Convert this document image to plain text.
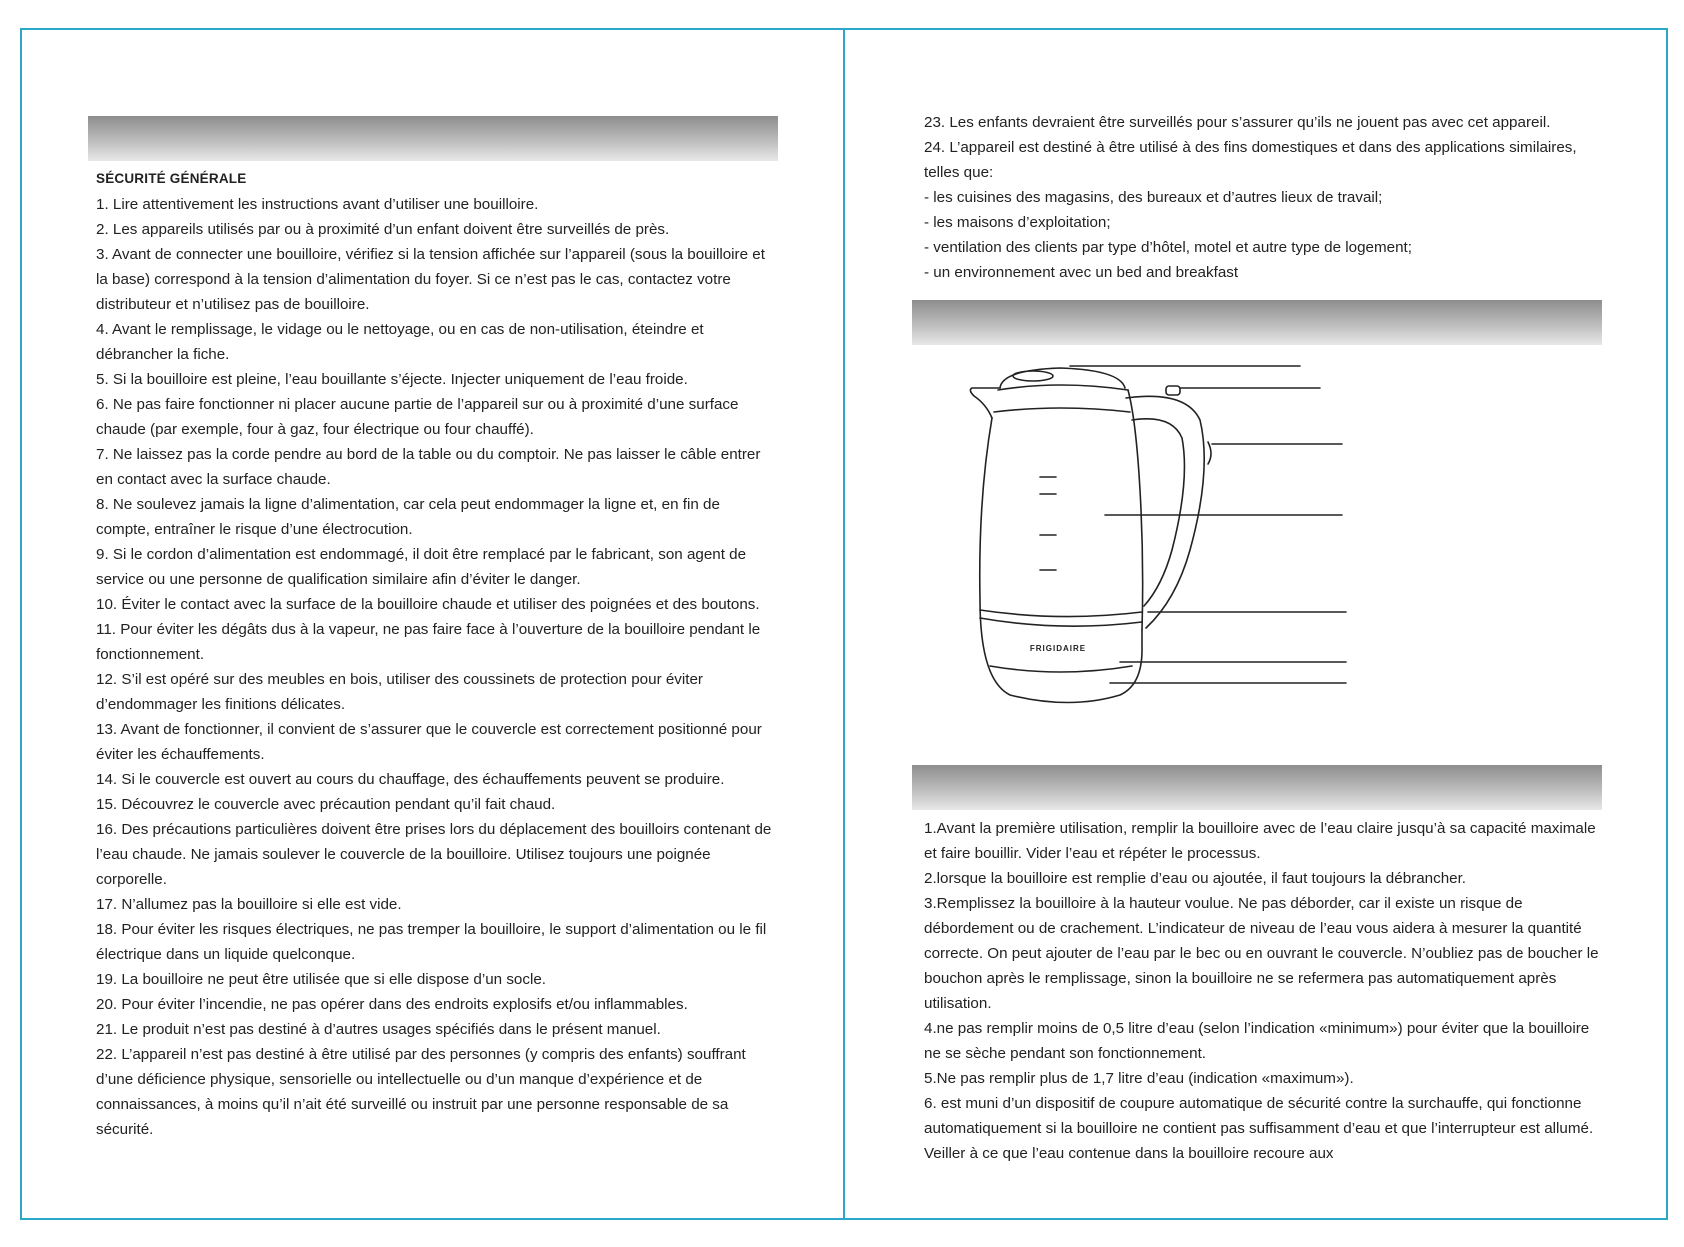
SÉCURITÉ GÉNÉRALE

1. Lire attentivement les instructions avant d’utiliser une bouilloire.

2. Les appareils utilisés par ou à proximité d’un enfant doivent être surveillés de près.

3. Avant de connecter une bouilloire, vérifiez si la tension affichée sur l’appareil (sous la bouilloire et la base) correspond à la tension d’alimentation du foyer. Si ce n’est pas le cas, contactez votre distributeur et n’utilisez pas de bouilloire.

4. Avant le remplissage, le vidage ou le nettoyage, ou en cas de non-utilisation, éteindre et débrancher la fiche.

5. Si la bouilloire est pleine, l’eau bouillante s’éjecte. Injecter uniquement de l’eau froide.

6. Ne pas faire fonctionner ni placer aucune partie de l’appareil sur ou à proximité d’une surface chaude (par exemple, four à gaz, four électrique ou four chauffé).

7. Ne laissez pas la corde pendre au bord de la table ou du comptoir. Ne pas laisser le câble entrer en contact avec la surface chaude.

8. Ne soulevez jamais la ligne d’alimentation, car cela peut endommager la ligne et, en fin de compte, entraîner le risque d’une électrocution.

9. Si le cordon d’alimentation est endommagé, il doit être remplacé par le fabricant, son agent de service ou une personne de qualification similaire afin d’éviter le danger.

10. Éviter le contact avec la surface de la bouilloire chaude et utiliser des poignées et des boutons.

11. Pour éviter les dégâts dus à la vapeur, ne pas faire face à l’ouverture de la bouilloire pendant le fonctionnement.

12. S’il est opéré sur des meubles en bois, utiliser des coussinets de protection pour éviter d’endommager les finitions délicates.

13. Avant de fonctionner, il convient de s’assurer que le couvercle est correctement positionné pour éviter les échauffements.

14. Si le couvercle est ouvert au cours du chauffage, des échauffements peuvent se produire.

15. Découvrez le couvercle avec précaution pendant qu’il fait chaud.

16. Des précautions particulières doivent être prises lors du déplacement des bouilloirs contenant de l’eau chaude. Ne jamais soulever le couvercle de la bouilloire. Utilisez toujours une poignée corporelle.

17. N’allumez pas la bouilloire si elle est vide.

18. Pour éviter les risques électriques, ne pas tremper la bouilloire, le support d’alimentation ou le fil électrique dans un liquide quelconque.

19. La bouilloire ne peut être utilisée que si elle dispose d’un socle.

20. Pour éviter l’incendie, ne pas opérer dans des endroits explosifs et/ou inflammables.

21. Le produit n’est pas destiné à d’autres usages spécifiés dans le présent manuel.

22. L’appareil n’est pas destiné à être utilisé par des personnes (y compris des enfants) souffrant d’une déficience physique, sensorielle ou intellectuelle ou d’un manque d’expérience et de connaissances, à moins qu’il n’ait été surveillé ou instruit par une personne responsable de sa sécurité.

23. Les enfants devraient être surveillés pour s’assurer qu’ils ne jouent pas avec cet appareil.

24. L’appareil est destiné à être utilisé à des fins domestiques et dans des applications similaires, telles que:

- les cuisines des magasins, des bureaux et d’autres lieux de travail;

- les maisons d’exploitation;

- ventilation des clients par type d’hôtel, motel et autre type de logement;

- un environnement avec un bed and breakfast

FRIGIDAIRE

1.Avant la première utilisation, remplir la bouilloire avec de l’eau claire jusqu’à sa capacité maximale et faire bouillir. Vider l’eau et répéter le processus.

2.lorsque la bouilloire est remplie d’eau ou ajoutée, il faut toujours la débrancher.

3.Remplissez la bouilloire à la hauteur voulue. Ne pas déborder, car il existe un risque de débordement ou de crachement. L’indicateur de niveau de l’eau vous aidera à mesurer la quantité correcte. On peut ajouter de l’eau par le bec ou en ouvrant le couvercle. N’oubliez pas de boucher le bouchon après le remplissage, sinon la bouilloire ne se refermera pas automatiquement après utilisation.

4.ne pas remplir moins de 0,5 litre d’eau (selon l’indication «minimum») pour éviter que la bouilloire ne se sèche pendant son fonctionnement.

5.Ne pas remplir plus de 1,7 litre d’eau (indication «maximum»).

6. est muni d’un dispositif de coupure automatique de sécurité contre la surchauffe, qui fonctionne automatiquement si la bouilloire ne contient pas suffisamment d’eau et que l’interrupteur est allumé. Veiller à ce que l’eau contenue dans la bouilloire recoure aux
